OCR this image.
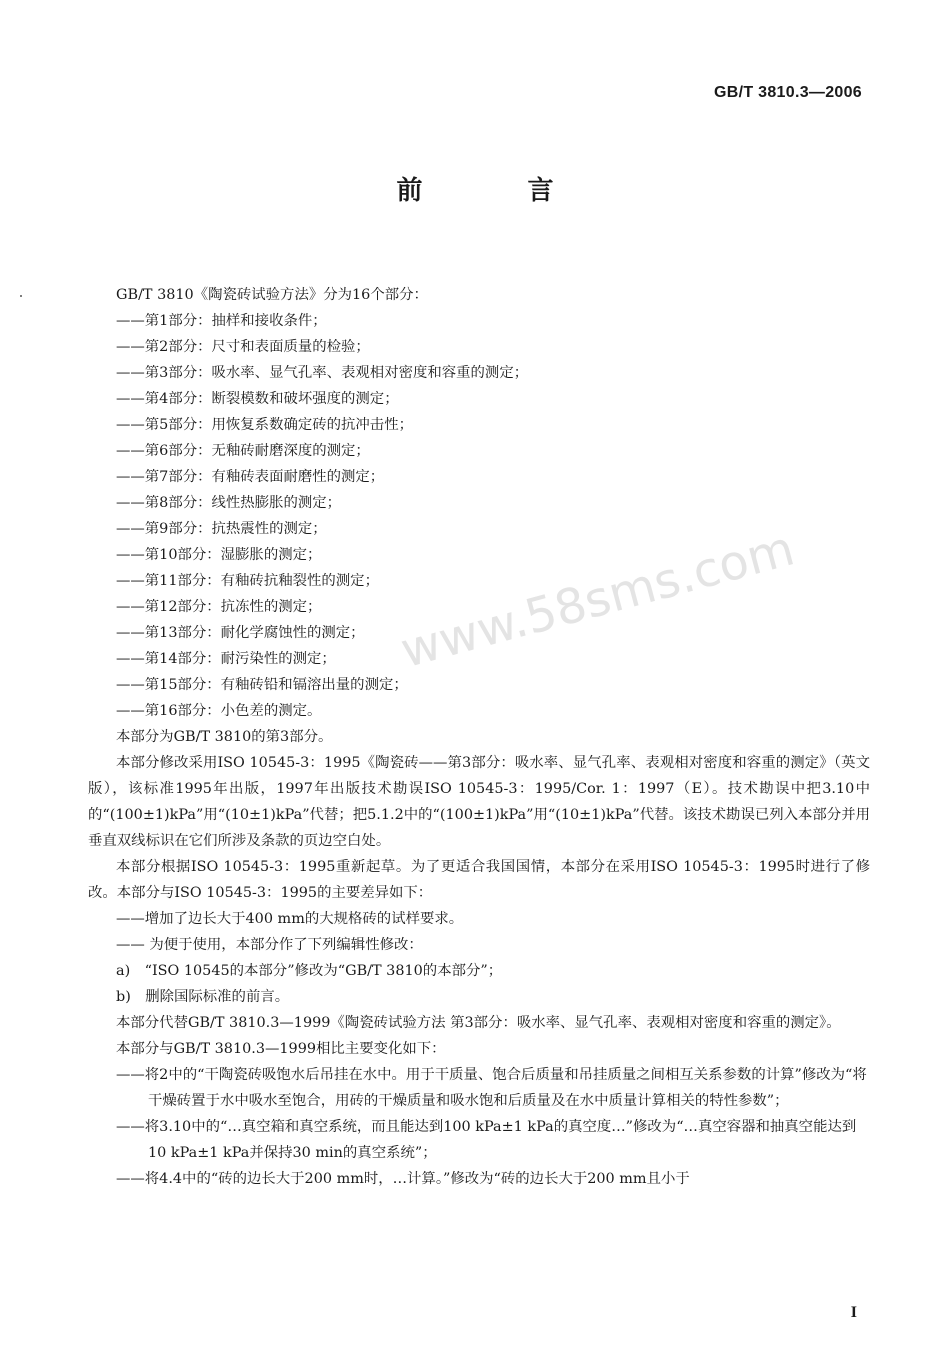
GB/T 3810.3—2006
前 言

GB/T 3810《陶瓷砖试验方法》分为16个部分：

——第1部分：抽样和接收条件；

——第2部分：尺寸和表面质量的检验；

——第3部分：吸水率、显气孔率、表观相对密度和容重的测定；

——第4部分：断裂模数和破坏强度的测定；

——第5部分：用恢复系数确定砖的抗冲击性；

——第6部分：无釉砖耐磨深度的测定；

——第7部分：有釉砖表面耐磨性的测定；

——第8部分：线性热膨胀的测定；

——第9部分：抗热震性的测定；

——第10部分：湿膨胀的测定；

——第11部分：有釉砖抗釉裂性的测定；

——第12部分：抗冻性的测定；

——第13部分：耐化学腐蚀性的测定；

——第14部分：耐污染性的测定；

——第15部分：有釉砖铅和镉溶出量的测定；

——第16部分：小色差的测定。

本部分为GB/T 3810的第3部分。

本部分修改采用ISO 10545-3：1995《陶瓷砖——第3部分：吸水率、显气孔率、表观相对密度和容重的测定》（英文版），该标准1995年出版，1997年出版技术勘误ISO 10545-3：1995/Cor. 1：1997（E）。技术勘误中把3.10中的“(100±1)kPa”用“(10±1)kPa”代替；把5.1.2中的“(100±1)kPa”用“(10±1)kPa”代替。该技术勘误已列入本部分并用垂直双线标识在它们所涉及条款的页边空白处。

本部分根据ISO 10545-3：1995重新起草。为了更适合我国国情，本部分在采用ISO 10545-3：1995时进行了修改。本部分与ISO 10545-3：1995的主要差异如下：

——增加了边长大于400 mm的大规格砖的试样要求。

—— 为便于使用，本部分作了下列编辑性修改：

a)　“ISO 10545的本部分”修改为“GB/T 3810的本部分”；

b)　删除国际标准的前言。

本部分代替GB/T 3810.3—1999《陶瓷砖试验方法 第3部分：吸水率、显气孔率、表观相对密度和容重的测定》。

本部分与GB/T 3810.3—1999相比主要变化如下：

——将2中的“干陶瓷砖吸饱水后吊挂在水中。用于干质量、饱合后质量和吊挂质量之间相互关系参数的计算”修改为“将干燥砖置于水中吸水至饱合，用砖的干燥质量和吸水饱和后质量及在水中质量计算相关的特性参数”；

——将3.10中的“…真空箱和真空系统，而且能达到100 kPa±1 kPa的真空度…”修改为“…真空容器和抽真空能达到10 kPa±1 kPa并保持30 min的真空系统”；

——将4.4中的“砖的边长大于200 mm时，…计算。”修改为“砖的边长大于200 mm且小于

www.58sms.com
I
